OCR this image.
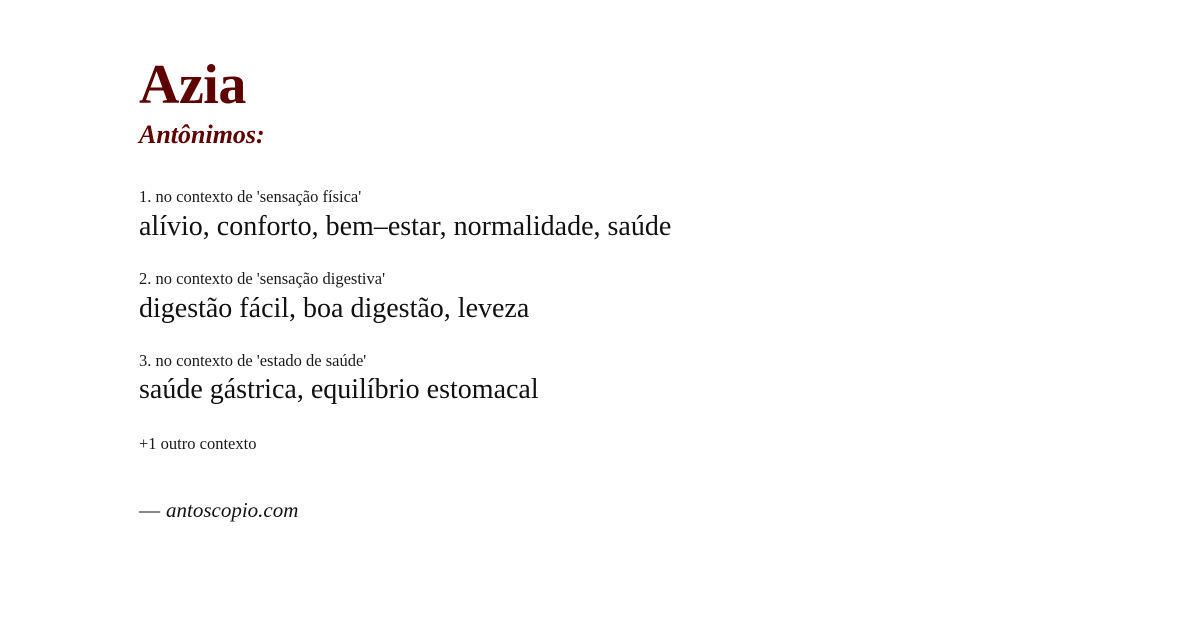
Azia
Antônimos:
1. no contexto de 'sensação física'
alívio, conforto, bem–estar, normalidade, saúde
2. no contexto de 'sensação digestiva'
digestão fácil, boa digestão, leveza
3. no contexto de 'estado de saúde'
saúde gástrica, equilíbrio estomacal
+1 outro contexto
— antoscopio.com
